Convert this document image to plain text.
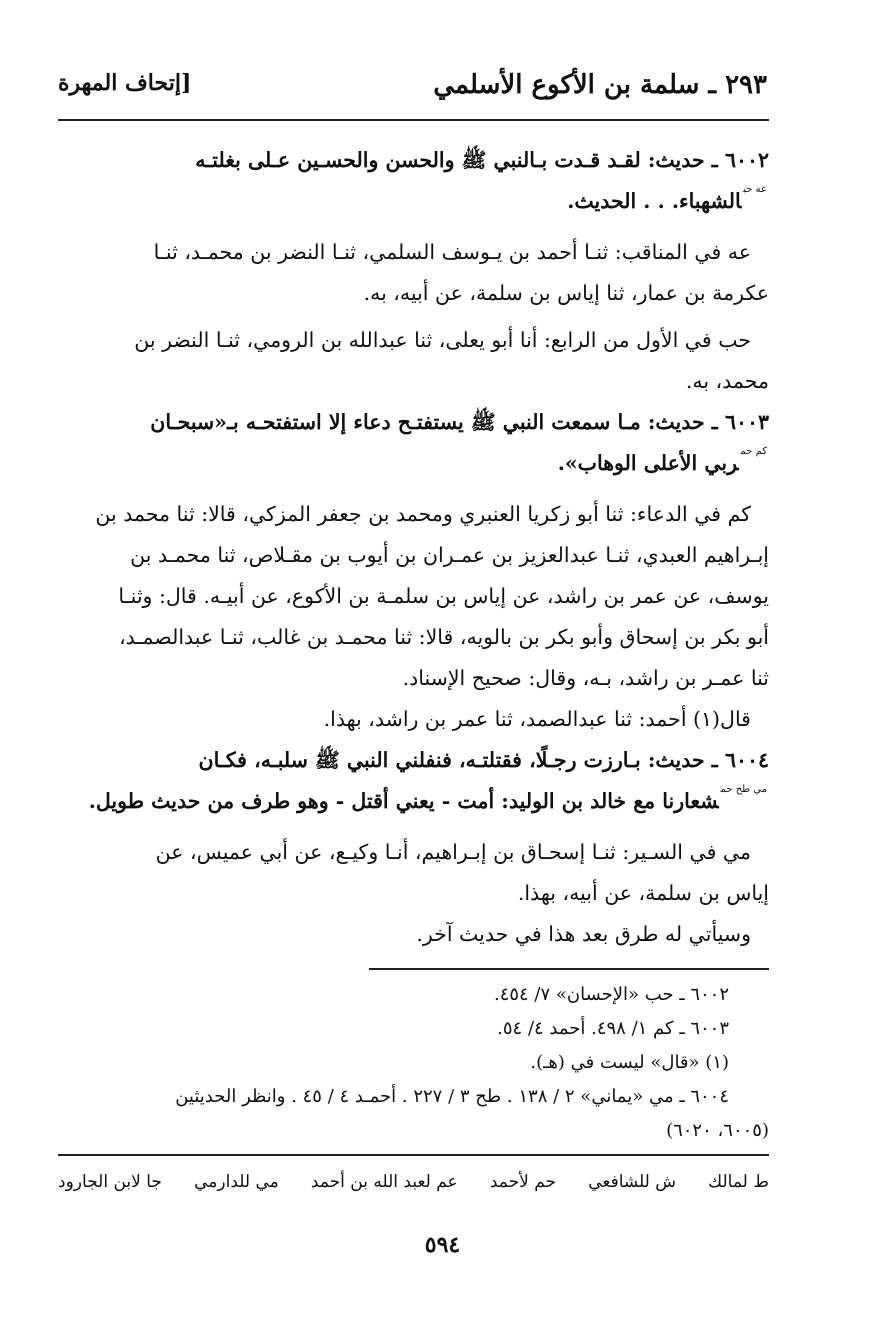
٢٩٣ ـ سلمة بن الأكوع الأسلمي
[إتحاف المهرة

٦٠٠٢ ـ حديث: لقـد قـدت بـالنبي ﷺ والحسن والحسـين عـلى بغلتـه

$^{عه حب}$الشهباء. . . الحديث.

عه في المناقب: ثنـا أحمد بن يـوسف السلمي، ثنـا النضر بن محمـد، ثنـا

عكرمة بن عمار، ثنا إياس بن سلمة، عن أبيه، به.

حب في الأول من الرابع: أنا أبو يعلى، ثنا عبدالله بن الرومي، ثنـا النضر بن

محمد، به.

٦٠٠٣ ـ حديث: مـا سمعت النبي ﷺ يستفتـح دعاء إلا استفتحـه بـ«سبحـان

$^{كم حم}$ربي الأعلى الوهاب».

كم في الدعاء: ثنا أبو زكريا العنبري ومحمد بن جعفر المزكي، قالا: ثنا محمد بن

إبـراهيم العبدي، ثنـا عبدالعزيز بن عمـران بن أيوب بن مقـلاص، ثنا محمـد بن

يوسف، عن عمر بن راشد، عن إياس بن سلمـة بن الأكوع، عن أبيـه. قال: وثنـا

أبو بكر بن إسحاق وأبو بكر بن بالويه، قالا: ثنا محمـد بن غالب، ثنـا عبدالصمـد،

ثنا عمـر بن راشد، بـه، وقال: صحيح الإسناد.

قال(١) أحمد: ثنا عبدالصمد، ثنا عمر بن راشد، بهذا.

٦٠٠٤ ـ حديث: بـارزت رجـلًا، فقتلتـه، فنفلني النبي ﷺ سلبـه، فكـان

$^{مي طح حم}$شعارنا مع خالد بن الوليد: أمت - يعني أقتل - وهو طرف من حديث طويل.

مي في السـير: ثنـا إسحـاق بن إبـراهيم، أنـا وكيـع، عن أبي عميس، عن

إياس بن سلمة، عن أبيه، بهذا.

وسيأتي له طرق بعد هذا في حديث آخر.

٦٠٠٢ ـ حب «الإحسان» ٧/ ٤٥٤.

٦٠٠٣ ـ كم ١/ ٤٩٨. أحمد ٤/ ٥٤.

(١) «قال» ليست في (هـ).

٦٠٠٤ ـ مي «يماني» ٢ / ١٣٨ . طح ٣ / ٢٢٧ . أحمـد ٤ / ٤٥ . وانظر الحديثين

(٦٠٠٥، ٦٠٢٠)

ط لمالك
ش للشافعي
حم لأحمد
عم لعبد الله بن أحمد
مي للدارمي
جا لابن الجارود
٥٩٤
